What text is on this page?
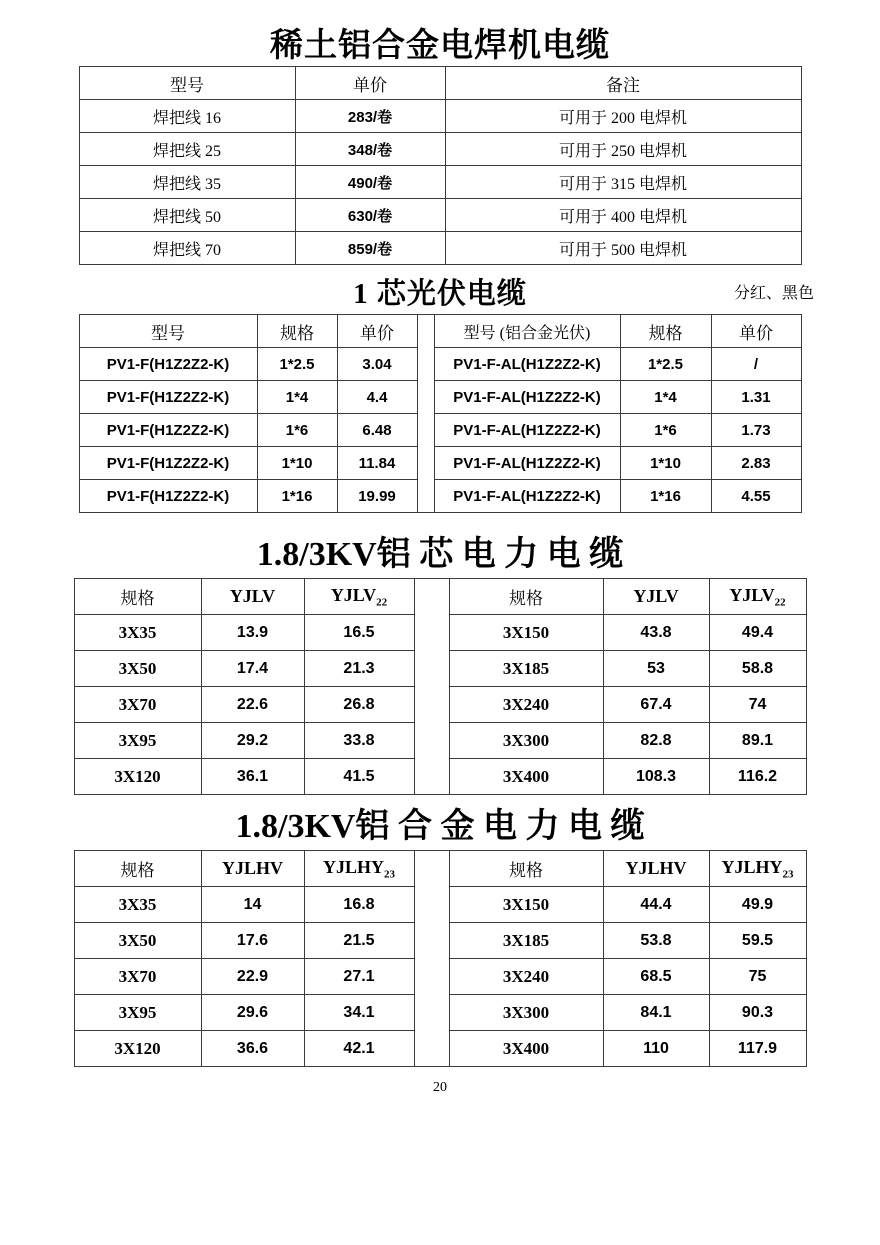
稀土铝合金电焊机电缆
型号	单价	备注
焊把线 16	283/卷	可用于 200 电焊机
焊把线 25	348/卷	可用于 250 电焊机
焊把线 35	490/卷	可用于 315 电焊机
焊把线 50	630/卷	可用于 400 电焊机
焊把线 70	859/卷	可用于 500 电焊机
1 芯光伏电缆	分红、黑色
型号	规格	单价		型号 (铝合金光伏)	规格	单价
PV1-F(H1Z2Z2-K)	1*2.5	3.04		PV1-F-AL(H1Z2Z2-K)	1*2.5	/
PV1-F(H1Z2Z2-K)	1*4	4.4		PV1-F-AL(H1Z2Z2-K)	1*4	1.31
PV1-F(H1Z2Z2-K)	1*6	6.48		PV1-F-AL(H1Z2Z2-K)	1*6	1.73
PV1-F(H1Z2Z2-K)	1*10	11.84		PV1-F-AL(H1Z2Z2-K)	1*10	2.83
PV1-F(H1Z2Z2-K)	1*16	19.99		PV1-F-AL(H1Z2Z2-K)	1*16	4.55
1.8/3KV铝 芯 电 力 电 缆
规格	YJLV	$YJLV_{22}$		规格	YJLV	$YJLV_{22}$
3X35	13.9	16.5		3X150	43.8	49.4
3X50	17.4	21.3		3X185	53	58.8
3X70	22.6	26.8		3X240	67.4	74
3X95	29.2	33.8		3X300	82.8	89.1
3X120	36.1	41.5		3X400	108.3	116.2
1.8/3KV铝 合 金 电 力 电 缆
规格	YJLHV	$YJLHY_{23}$		规格	YJLHV	$YJLHY_{23}$
3X35	14	16.8		3X150	44.4	49.9
3X50	17.6	21.5		3X185	53.8	59.5
3X70	22.9	27.1		3X240	68.5	75
3X95	29.6	34.1		3X300	84.1	90.3
3X120	36.6	42.1		3X400	110	117.9
20
